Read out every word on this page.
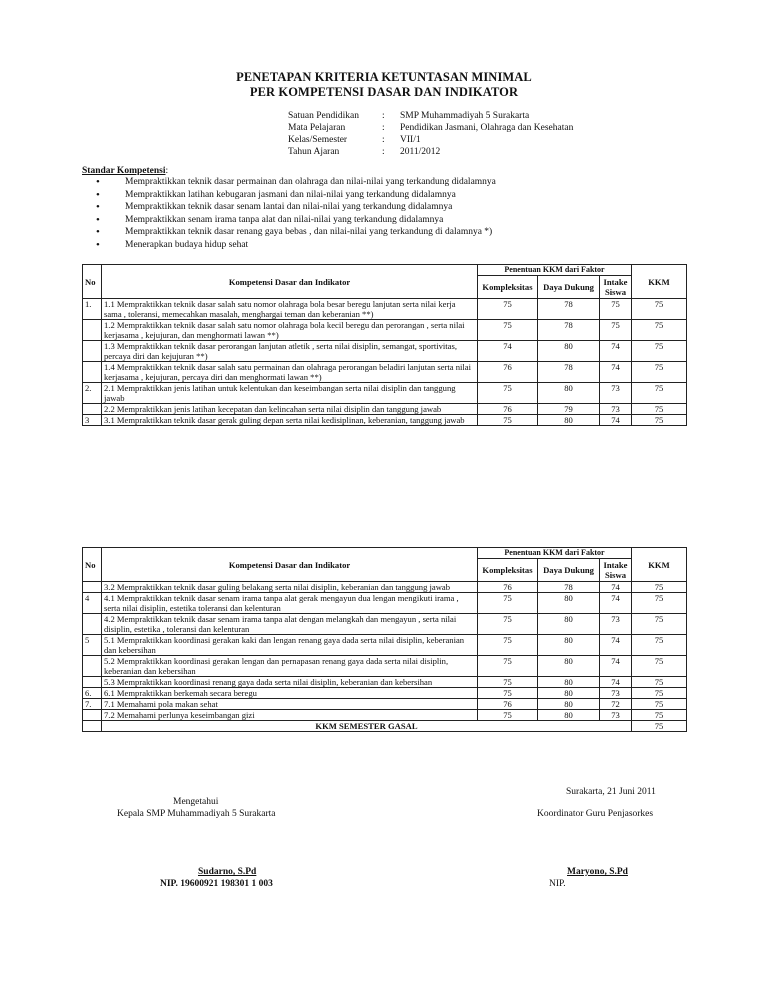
PENETAPAN KRITERIA KETUNTASAN MINIMAL
PER KOMPETENSI DASAR DAN INDIKATOR
Satuan Pendidikan	:	SMP Muhammadiyah 5 Surakarta
Mata Pelajaran	:	Pendidikan Jasmani, Olahraga dan Kesehatan
Kelas/Semester	:	VII/1
Tahun Ajaran	:	2011/2012
Standar Kompetensi:
• Mempraktikkan teknik dasar permainan dan olahraga dan nilai-nilai yang terkandung didalamnya
• Mempraktikkan latihan kebugaran jasmani dan nilai-nilai yang terkandung didalamnya
• Mempraktikkan teknik dasar senam lantai dan nilai-nilai yang terkandung didalamnya
• Mempraktikkan senam irama tanpa alat dan nilai-nilai yang terkandung didalamnya
• Mempraktikkan teknik dasar renang gaya bebas , dan nilai-nilai yang terkandung di dalamnya *)
• Menerapkan budaya hidup sehat
No	Kompetensi Dasar dan Indikator	Penentuan KKM dari Faktor			KKM
		Kompleksitas	Daya Dukung	Intake Siswa	
1.	1.1 Mempraktikkan teknik dasar salah satu nomor olahraga bola besar beregu lanjutan serta nilai kerja sama , toleransi, memecahkan masalah, menghargai teman dan keberanian **)	75	78	75	75
	1.2 Mempraktikkan teknik dasar salah satu nomor olahraga bola kecil beregu dan perorangan , serta nilai kerjasama , kejujuran, dan menghormati lawan **)	75	78	75	75
	1.3 Mempraktikkan teknik dasar perorangan lanjutan atletik , serta nilai disiplin, semangat, sportivitas, percaya diri dan kejujuran **)	74	80	74	75
	1.4 Mempraktikkan teknik dasar salah satu permainan dan olahraga perorangan beladiri lanjutan serta nilai kerjasama , kejujuran, percaya diri dan menghormati lawan **)	76	78	74	75
2.	2.1 Mempraktikkan jenis latihan untuk kelentukan dan keseimbangan serta nilai disiplin dan tanggung jawab	75	80	73	75
	2.2 Mempraktikkan jenis latihan kecepatan dan kelincahan serta nilai disiplin dan tanggung jawab	76	79	73	75
3	3.1 Mempraktikkan teknik dasar gerak guling depan serta nilai kedisiplinan, keberanian, tanggung jawab	75	80	74	75
No	Kompetensi Dasar dan Indikator	Penentuan KKM dari Faktor			KKM
		Kompleksitas	Daya Dukung	Intake Siswa	
	3.2 Mempraktikkan teknik dasar guling belakang serta nilai disiplin, keberanian dan tanggung jawab	76	78	74	75
4	4.1 Mempraktikkan teknik dasar senam irama tanpa alat gerak mengayun dua lengan mengikuti irama , serta nilai disiplin, estetika toleransi dan kelenturan	75	80	74	75
	4.2 Mempraktikkan teknik dasar senam irama tanpa alat dengan melangkah dan mengayun , serta nilai disiplin, estetika , toleransi dan kelenturan	75	80	73	75
5	5.1 Mempraktikkan koordinasi gerakan kaki dan lengan renang gaya dada serta nilai disiplin, keberanian dan kebersihan	75	80	74	75
	5.2 Mempraktikkan koordinasi gerakan lengan dan pernapasan renang gaya dada serta nilai disiplin, keberanian dan kebersihan	75	80	74	75
	5.3 Mempraktikkan koordinasi renang gaya dada serta nilai disiplin, keberanian dan kebersihan	75	80	74	75
6.	6.1 Mempraktikkan berkemah secara beregu	75	80	73	75
7.	7.1 Memahami pola makan sehat	76	80	72	75
	7.2 Memahami perlunya keseimbangan gizi	75	80	73	75
	KKM SEMESTER GASAL				75
Surakarta, 21 Juni 2011
Mengetahui
Kepala SMP Muhammadiyah 5 Surakarta	Koordinator Guru Penjasorkes
Sudarno, S.Pd
NIP. 19600921 198301 1 003
Maryono, S.Pd
NIP.
